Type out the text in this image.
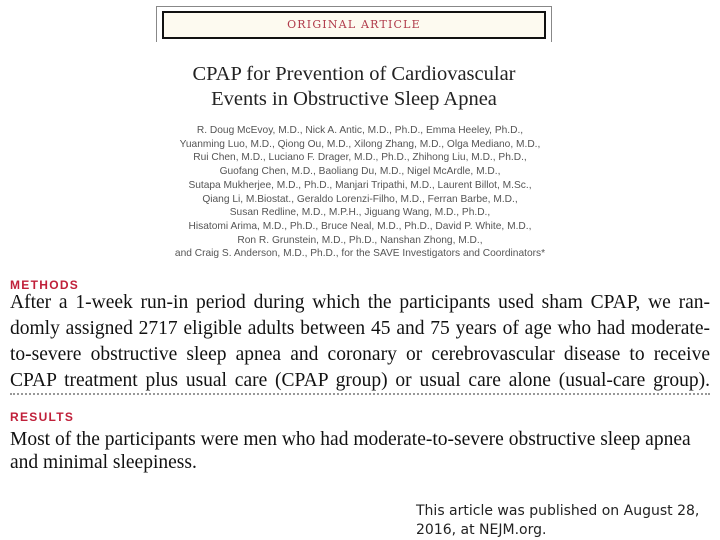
ORIGINAL ARTICLE
CPAP for Prevention of Cardiovascular
Events in Obstructive Sleep Apnea
R. Doug McEvoy, M.D., Nick A. Antic, M.D., Ph.D., Emma Heeley, Ph.D.,
Yuanming Luo, M.D., Qiong Ou, M.D., Xilong Zhang, M.D., Olga Mediano, M.D.,
Rui Chen, M.D., Luciano F. Drager, M.D., Ph.D., Zhihong Liu, M.D., Ph.D.,
Guofang Chen, M.D., Baoliang Du, M.D., Nigel McArdle, M.D.,
Sutapa Mukherjee, M.D., Ph.D., Manjari Tripathi, M.D., Laurent Billot, M.Sc.,
Qiang Li, M.Biostat., Geraldo Lorenzi-Filho, M.D., Ferran Barbe, M.D.,
Susan Redline, M.D., M.P.H., Jiguang Wang, M.D., Ph.D.,
Hisatomi Arima, M.D., Ph.D., Bruce Neal, M.D., Ph.D., David P. White, M.D.,
Ron R. Grunstein, M.D., Ph.D., Nanshan Zhong, M.D.,
and Craig S. Anderson, M.D., Ph.D., for the SAVE Investigators and Coordinators*
METHODS
After a 1-week run-in period during which the participants used sham CPAP, we ran-
domly assigned 2717 eligible adults between 45 and 75 years of age who had moderate-
to-severe obstructive sleep apnea and coronary or cerebrovascular disease to receive
CPAP treatment plus usual care (CPAP group) or usual care alone (usual-care group).
RESULTS
Most of the participants were men who had moderate-to-severe obstructive sleep apnea
and minimal sleepiness.
This article was published on August 28,
2016, at NEJM.org.
